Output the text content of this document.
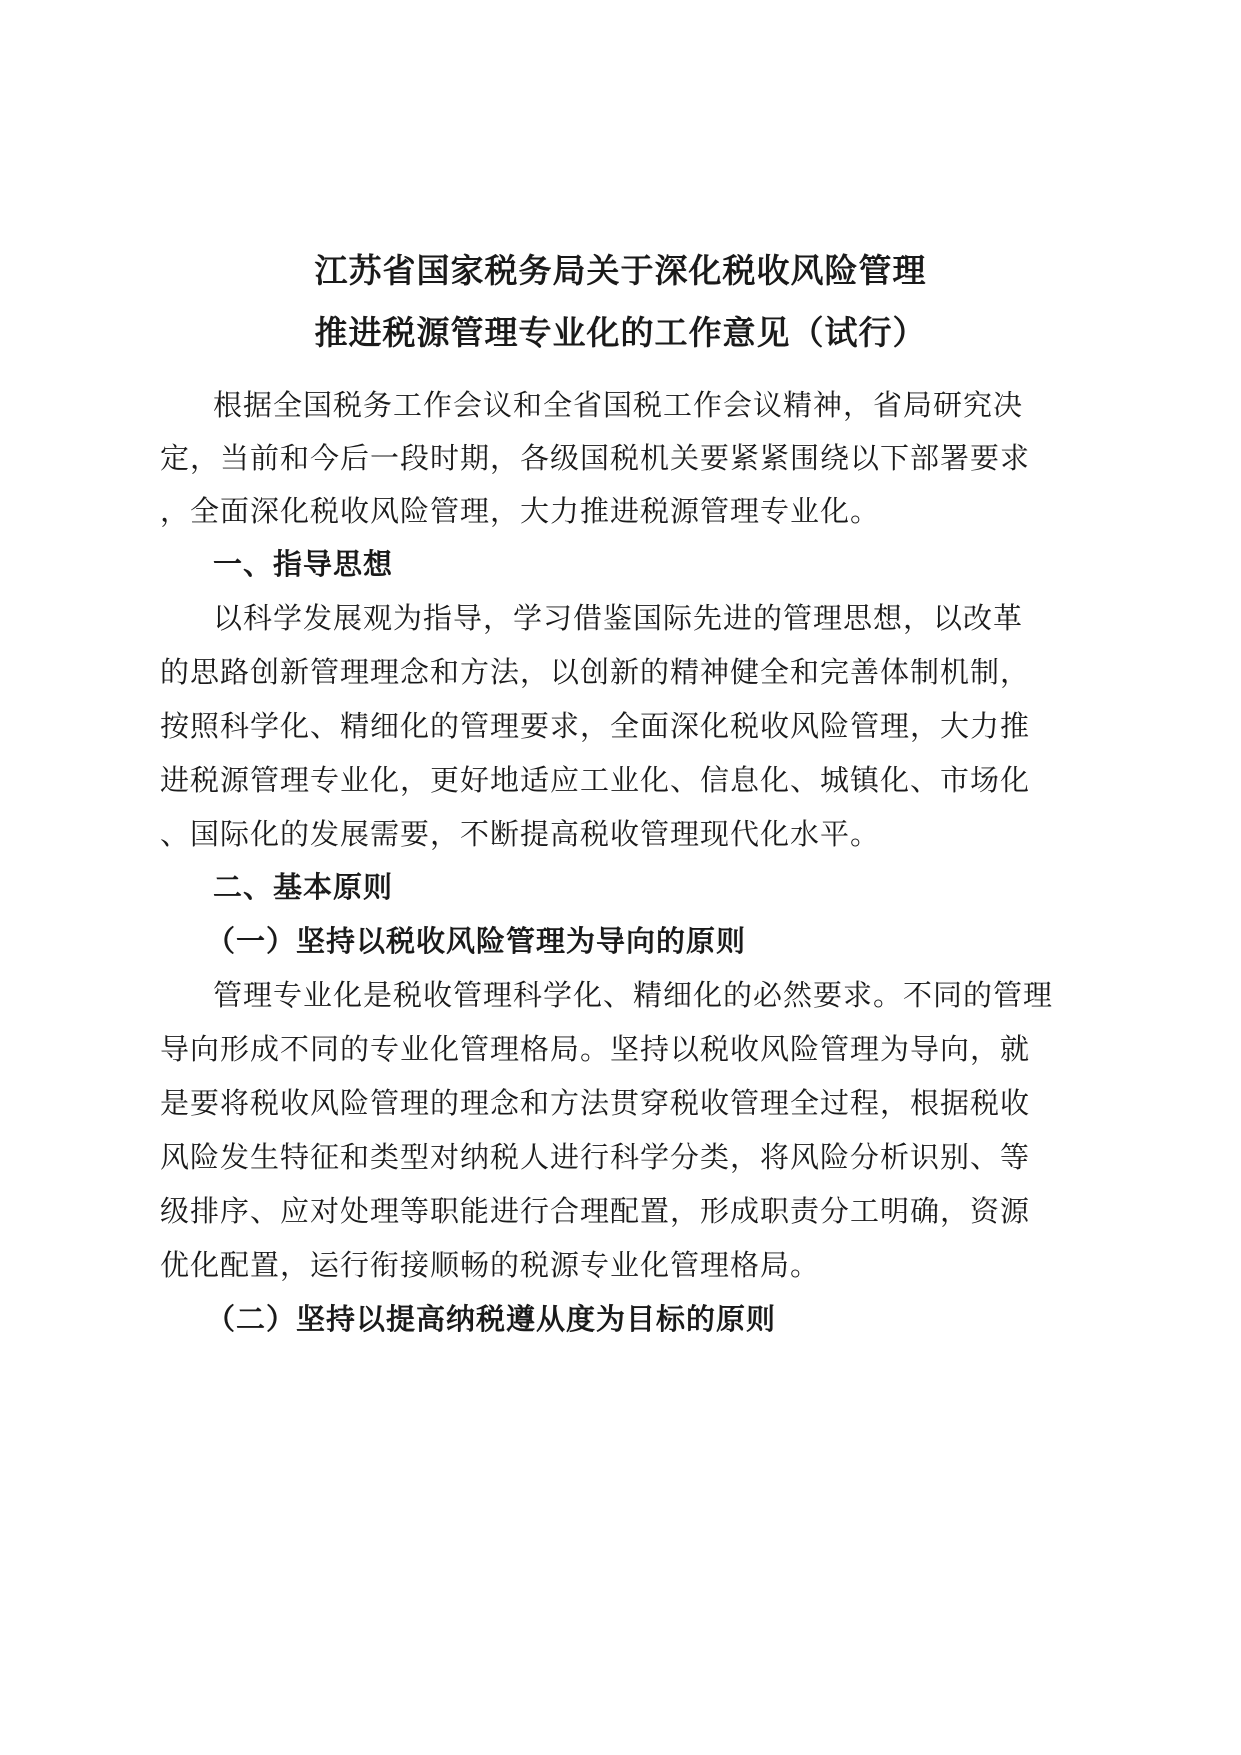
江苏省国家税务局关于深化税收风险管理
推进税源管理专业化的工作意见（试行）
根据全国税务工作会议和全省国税工作会议精神，省局研究决
定，当前和今后一段时期，各级国税机关要紧紧围绕以下部署要求
，全面深化税收风险管理，大力推进税源管理专业化。
一、指导思想
以科学发展观为指导，学习借鉴国际先进的管理思想，以改革
的思路创新管理理念和方法，以创新的精神健全和完善体制机制，
按照科学化、精细化的管理要求，全面深化税收风险管理，大力推
进税源管理专业化，更好地适应工业化、信息化、城镇化、市场化
、国际化的发展需要，不断提高税收管理现代化水平。
二、基本原则
（一）坚持以税收风险管理为导向的原则
管理专业化是税收管理科学化、精细化的必然要求。不同的管理
导向形成不同的专业化管理格局。坚持以税收风险管理为导向，就
是要将税收风险管理的理念和方法贯穿税收管理全过程，根据税收
风险发生特征和类型对纳税人进行科学分类，将风险分析识别、等
级排序、应对处理等职能进行合理配置，形成职责分工明确，资源
优化配置，运行衔接顺畅的税源专业化管理格局。
（二）坚持以提高纳税遵从度为目标的原则
